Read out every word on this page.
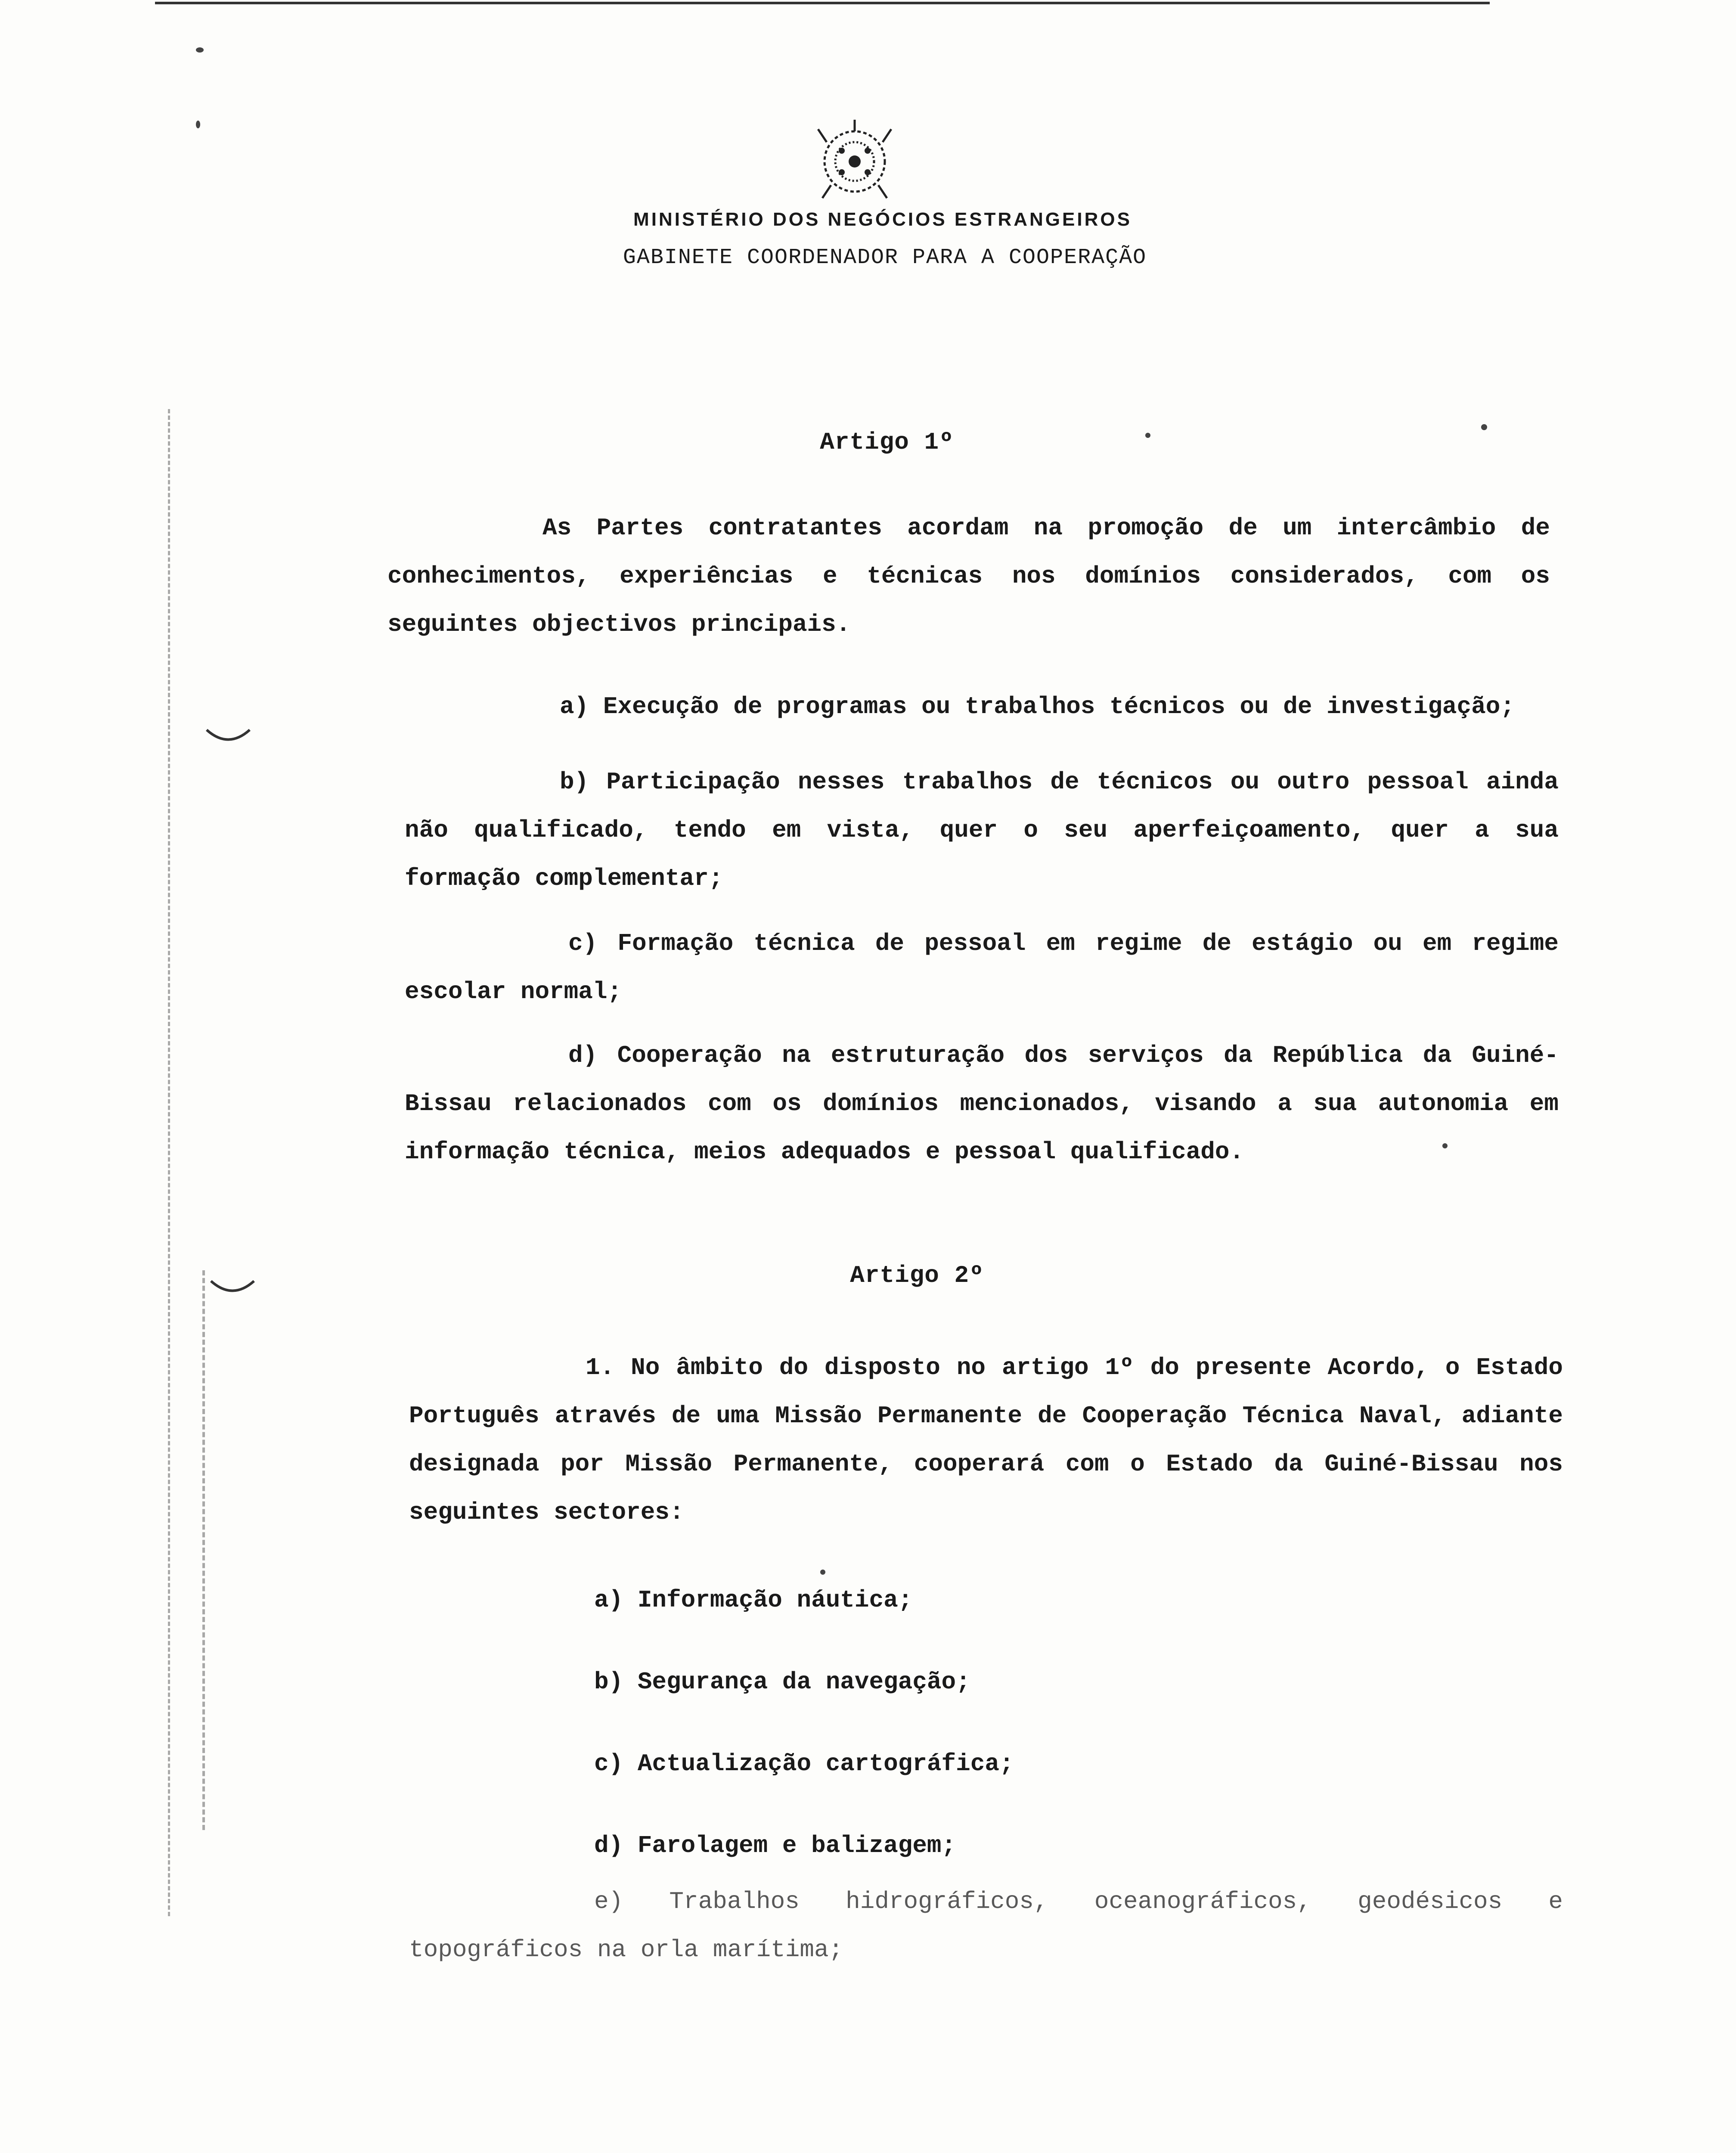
MINISTÉRIO DOS NEGÓCIOS ESTRANGEIROS
GABINETE COORDENADOR PARA A COOPERAÇÃO
Artigo 1º

As Partes contratantes acordam na promoção de um intercâmbio de conhecimentos, experiências e técnicas nos domínios considerados, com os seguintes objectivos principais.

a) Execução de programas ou trabalhos técnicos ou de investigação;

b) Participação nesses trabalhos de técnicos ou outro pessoal ainda não qualificado, tendo em vista, quer o seu aperfeiçoamento, quer a sua formação complementar;

c) Formação técnica de pessoal em regime de estágio ou em regime escolar normal;

d) Cooperação na estruturação dos serviços da República da Guiné-Bissau relacionados com os domínios mencionados, visando a sua autonomia em informação técnica, meios adequados e pessoal qualificado.

Artigo 2º

1. No âmbito do disposto no artigo 1º do presente Acordo, o Estado Português através de uma Missão Permanente de Cooperação Técnica Naval, adiante designada por Missão Permanente, cooperará com o Estado da Guiné-Bissau nos seguintes sectores:

a) Informação náutica;

b) Segurança da navegação;

c) Actualização cartográfica;

d) Farolagem e balizagem;

e) Trabalhos hidrográficos, oceanográficos, geodésicos e topográficos na orla marítima;
